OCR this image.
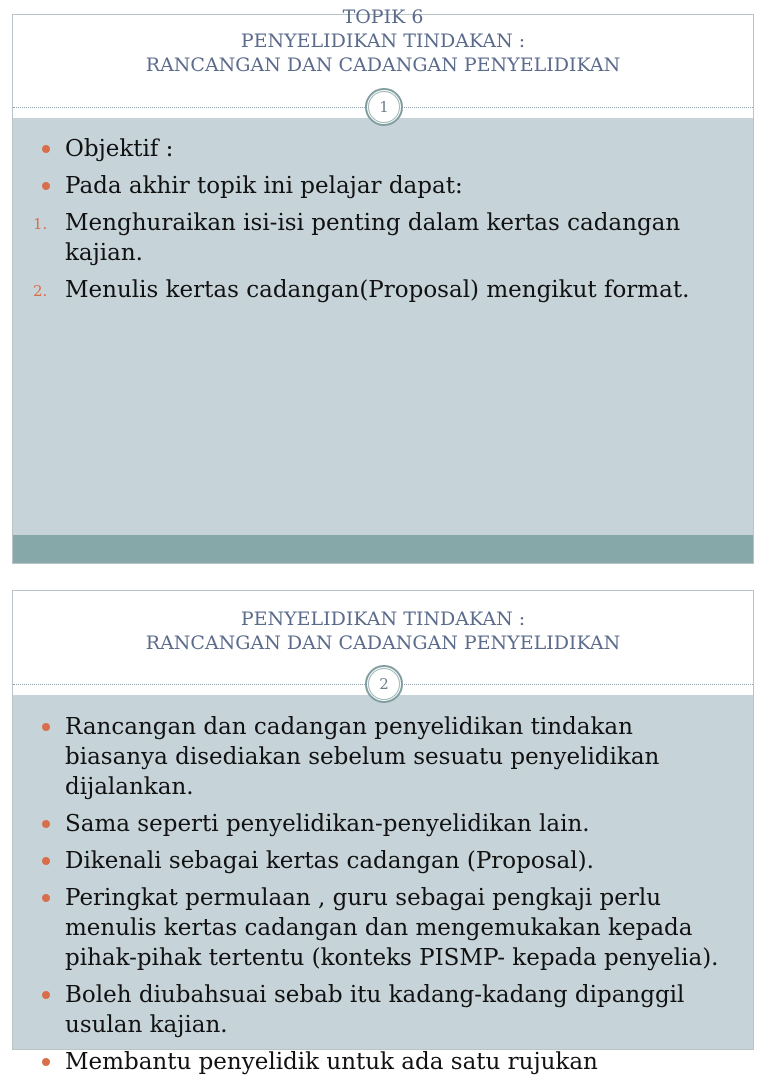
TOPIK 6
PENYELIDIKAN TINDAKAN :
RANCANGAN DAN CADANGAN PENYELIDIKAN
1
Objektif :
Pada akhir topik ini pelajar dapat:
1. Menghuraikan isi-isi penting dalam kertas cadangan kajian.
2. Menulis kertas cadangan(Proposal) mengikut format.
PENYELIDIKAN TINDAKAN :
RANCANGAN DAN CADANGAN PENYELIDIKAN
2
Rancangan dan cadangan penyelidikan tindakan biasanya disediakan sebelum sesuatu penyelidikan dijalankan.
Sama seperti penyelidikan-penyelidikan lain.
Dikenali sebagai kertas cadangan (Proposal).
Peringkat permulaan , guru sebagai pengkaji perlu menulis kertas cadangan dan mengemukakan kepada pihak-pihak tertentu (konteks PISMP- kepada penyelia).
Boleh diubahsuai sebab itu kadang-kadang dipanggil usulan kajian.
Membantu penyelidik untuk ada satu rujukan
